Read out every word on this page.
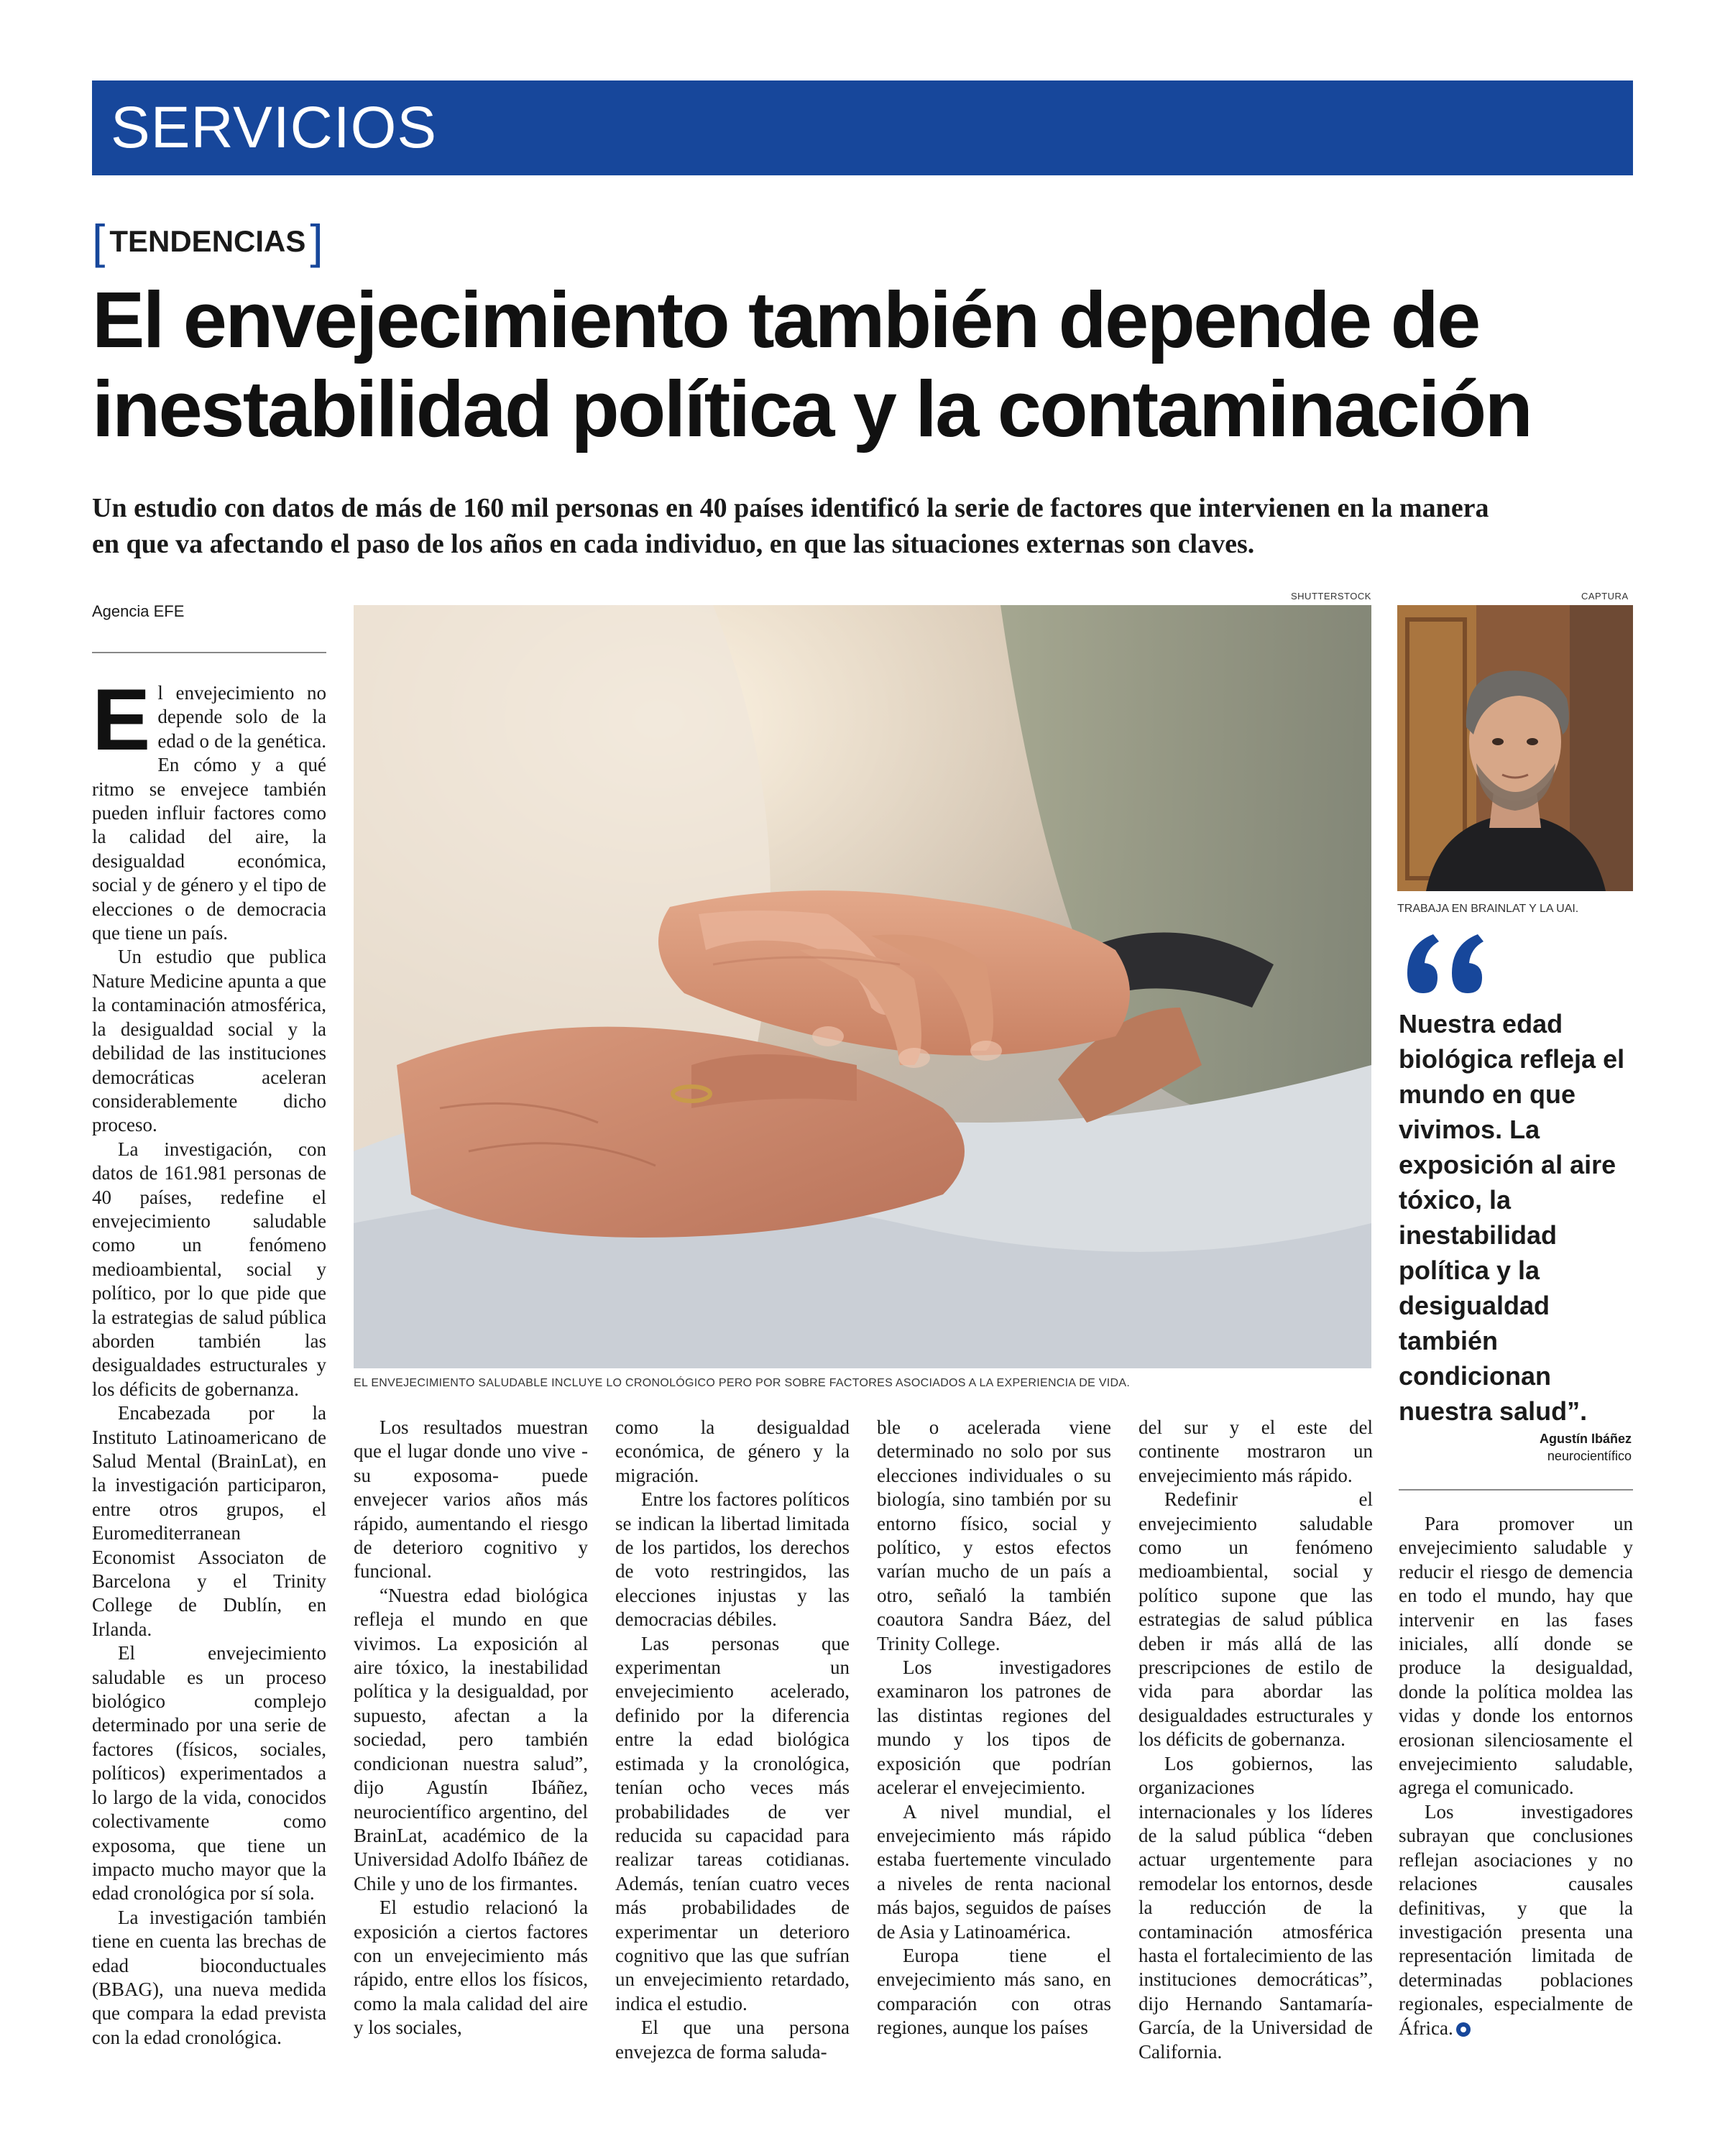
SERVICIOS
[ TENDENCIAS ]
El envejecimiento también depende de
inestabilidad política y la contaminación
Un estudio con datos de más de 160 mil personas en 40 países identificó la serie de factores que intervienen en la manera
en que va afectando el paso de los años en cada individuo, en que las situaciones externas son claves.
Agencia EFE
SHUTTERSTOCK	CAPTURA
EL ENVEJECIMIENTO SALUDABLE INCLUYE LO CRONOLÓGICO PERO POR SOBRE FACTORES ASOCIADOS A LA EXPERIENCIA DE VIDA.
TRABAJA EN BRAINLAT Y LA UAI.
Nuestra edad biológica refleja el mundo en que vivimos. La exposición al aire tóxico, la inestabilidad política y la desigualdad también condicionan nuestra salud”.
Agustín Ibáñez
neurocientífico

El envejecimiento no depende solo de la edad o de la genética. En cómo y a qué ritmo se envejece también pueden influir factores como la calidad del aire, la desigualdad económica, social y de género y el tipo de elecciones o de democracia que tiene un país.

Un estudio que publica Nature Medicine apunta a que la contaminación atmosférica, la desigualdad social y la debilidad de las instituciones democráticas aceleran considerablemente dicho proceso.

La investigación, con datos de 161.981 personas de 40 países, redefine el envejecimiento saludable como un fenómeno medioambiental, social y político, por lo que pide que la estrategias de salud pública aborden también las desigualdades estructurales y los déficits de gobernanza.

Encabezada por la Instituto Latinoamericano de Salud Mental (BrainLat), en la investigación participaron, entre otros grupos, el Euromediterranean Economist Associaton de Barcelona y el Trinity College de Dublín, en Irlanda.

El envejecimiento saludable es un proceso biológico complejo determinado por una serie de factores (físicos, sociales, políticos) experimentados a lo largo de la vida, conocidos colectivamente como exposoma, que tiene un impacto mucho mayor que la edad cronológica por sí sola.

La investigación también tiene en cuenta las brechas de edad bioconductuales (BBAG), una nueva medida que compara la edad prevista con la edad cronológica.

Los resultados muestran que el lugar donde uno vive -su exposoma- puede envejecer varios años más rápido, aumentando el riesgo de deterioro cognitivo y funcional.

“Nuestra edad biológica refleja el mundo en que vivimos. La exposición al aire tóxico, la inestabilidad política y la desigualdad, por supuesto, afectan a la sociedad, pero también condicionan nuestra salud”, dijo Agustín Ibáñez, neurocientífico argentino, del BrainLat, académico de la Universidad Adolfo Ibáñez de Chile y uno de los firmantes.

El estudio relacionó la exposición a ciertos factores con un envejecimiento más rápido, entre ellos los físicos, como la mala calidad del aire y los sociales,

como la desigualdad económica, de género y la migración.

Entre los factores políticos se indican la libertad limitada de los partidos, los derechos de voto restringidos, las elecciones injustas y las democracias débiles.

Las personas que experimentan un envejecimiento acelerado, definido por la diferencia entre la edad biológica estimada y la cronológica, tenían ocho veces más probabilidades de ver reducida su capacidad para realizar tareas cotidianas. Además, tenían cuatro veces más probabilidades de experimentar un deterioro cognitivo que las que sufrían un envejecimiento retardado, indica el estudio.

El que una persona envejezca de forma saluda-

ble o acelerada viene determinado no solo por sus elecciones individuales o su biología, sino también por su entorno físico, social y político, y estos efectos varían mucho de un país a otro, señaló la también coautora Sandra Báez, del Trinity College.

Los investigadores examinaron los patrones de las distintas regiones del mundo y los tipos de exposición que podrían acelerar el envejecimiento.

A nivel mundial, el envejecimiento más rápido estaba fuertemente vinculado a niveles de renta nacional más bajos, seguidos de países de Asia y Latinoamérica.

Europa tiene el envejecimiento más sano, en comparación con otras regiones, aunque los países

del sur y el este del continente mostraron un envejecimiento más rápido.

Redefinir el envejecimiento saludable como un fenómeno medioambiental, social y político supone que las estrategias de salud pública deben ir más allá de las prescripciones de estilo de vida para abordar las desigualdades estructurales y los déficits de gobernanza.

Los gobiernos, las organizaciones internacionales y los líderes de la salud pública “deben actuar urgentemente para remodelar los entornos, desde la reducción de la contaminación atmosférica hasta el fortalecimiento de las instituciones democráticas”, dijo Hernando Santamaría-García, de la Universidad de California.

Para promover un envejecimiento saludable y reducir el riesgo de demencia en todo el mundo, hay que intervenir en las fases iniciales, allí donde se produce la desigualdad, donde la política moldea las vidas y donde los entornos erosionan silenciosamente el envejecimiento saludable, agrega el comunicado.

Los investigadores subrayan que conclusiones reflejan asociaciones y no relaciones causales definitivas, y que la investigación presenta una representación limitada de determinadas poblaciones regionales, especialmente de África.
